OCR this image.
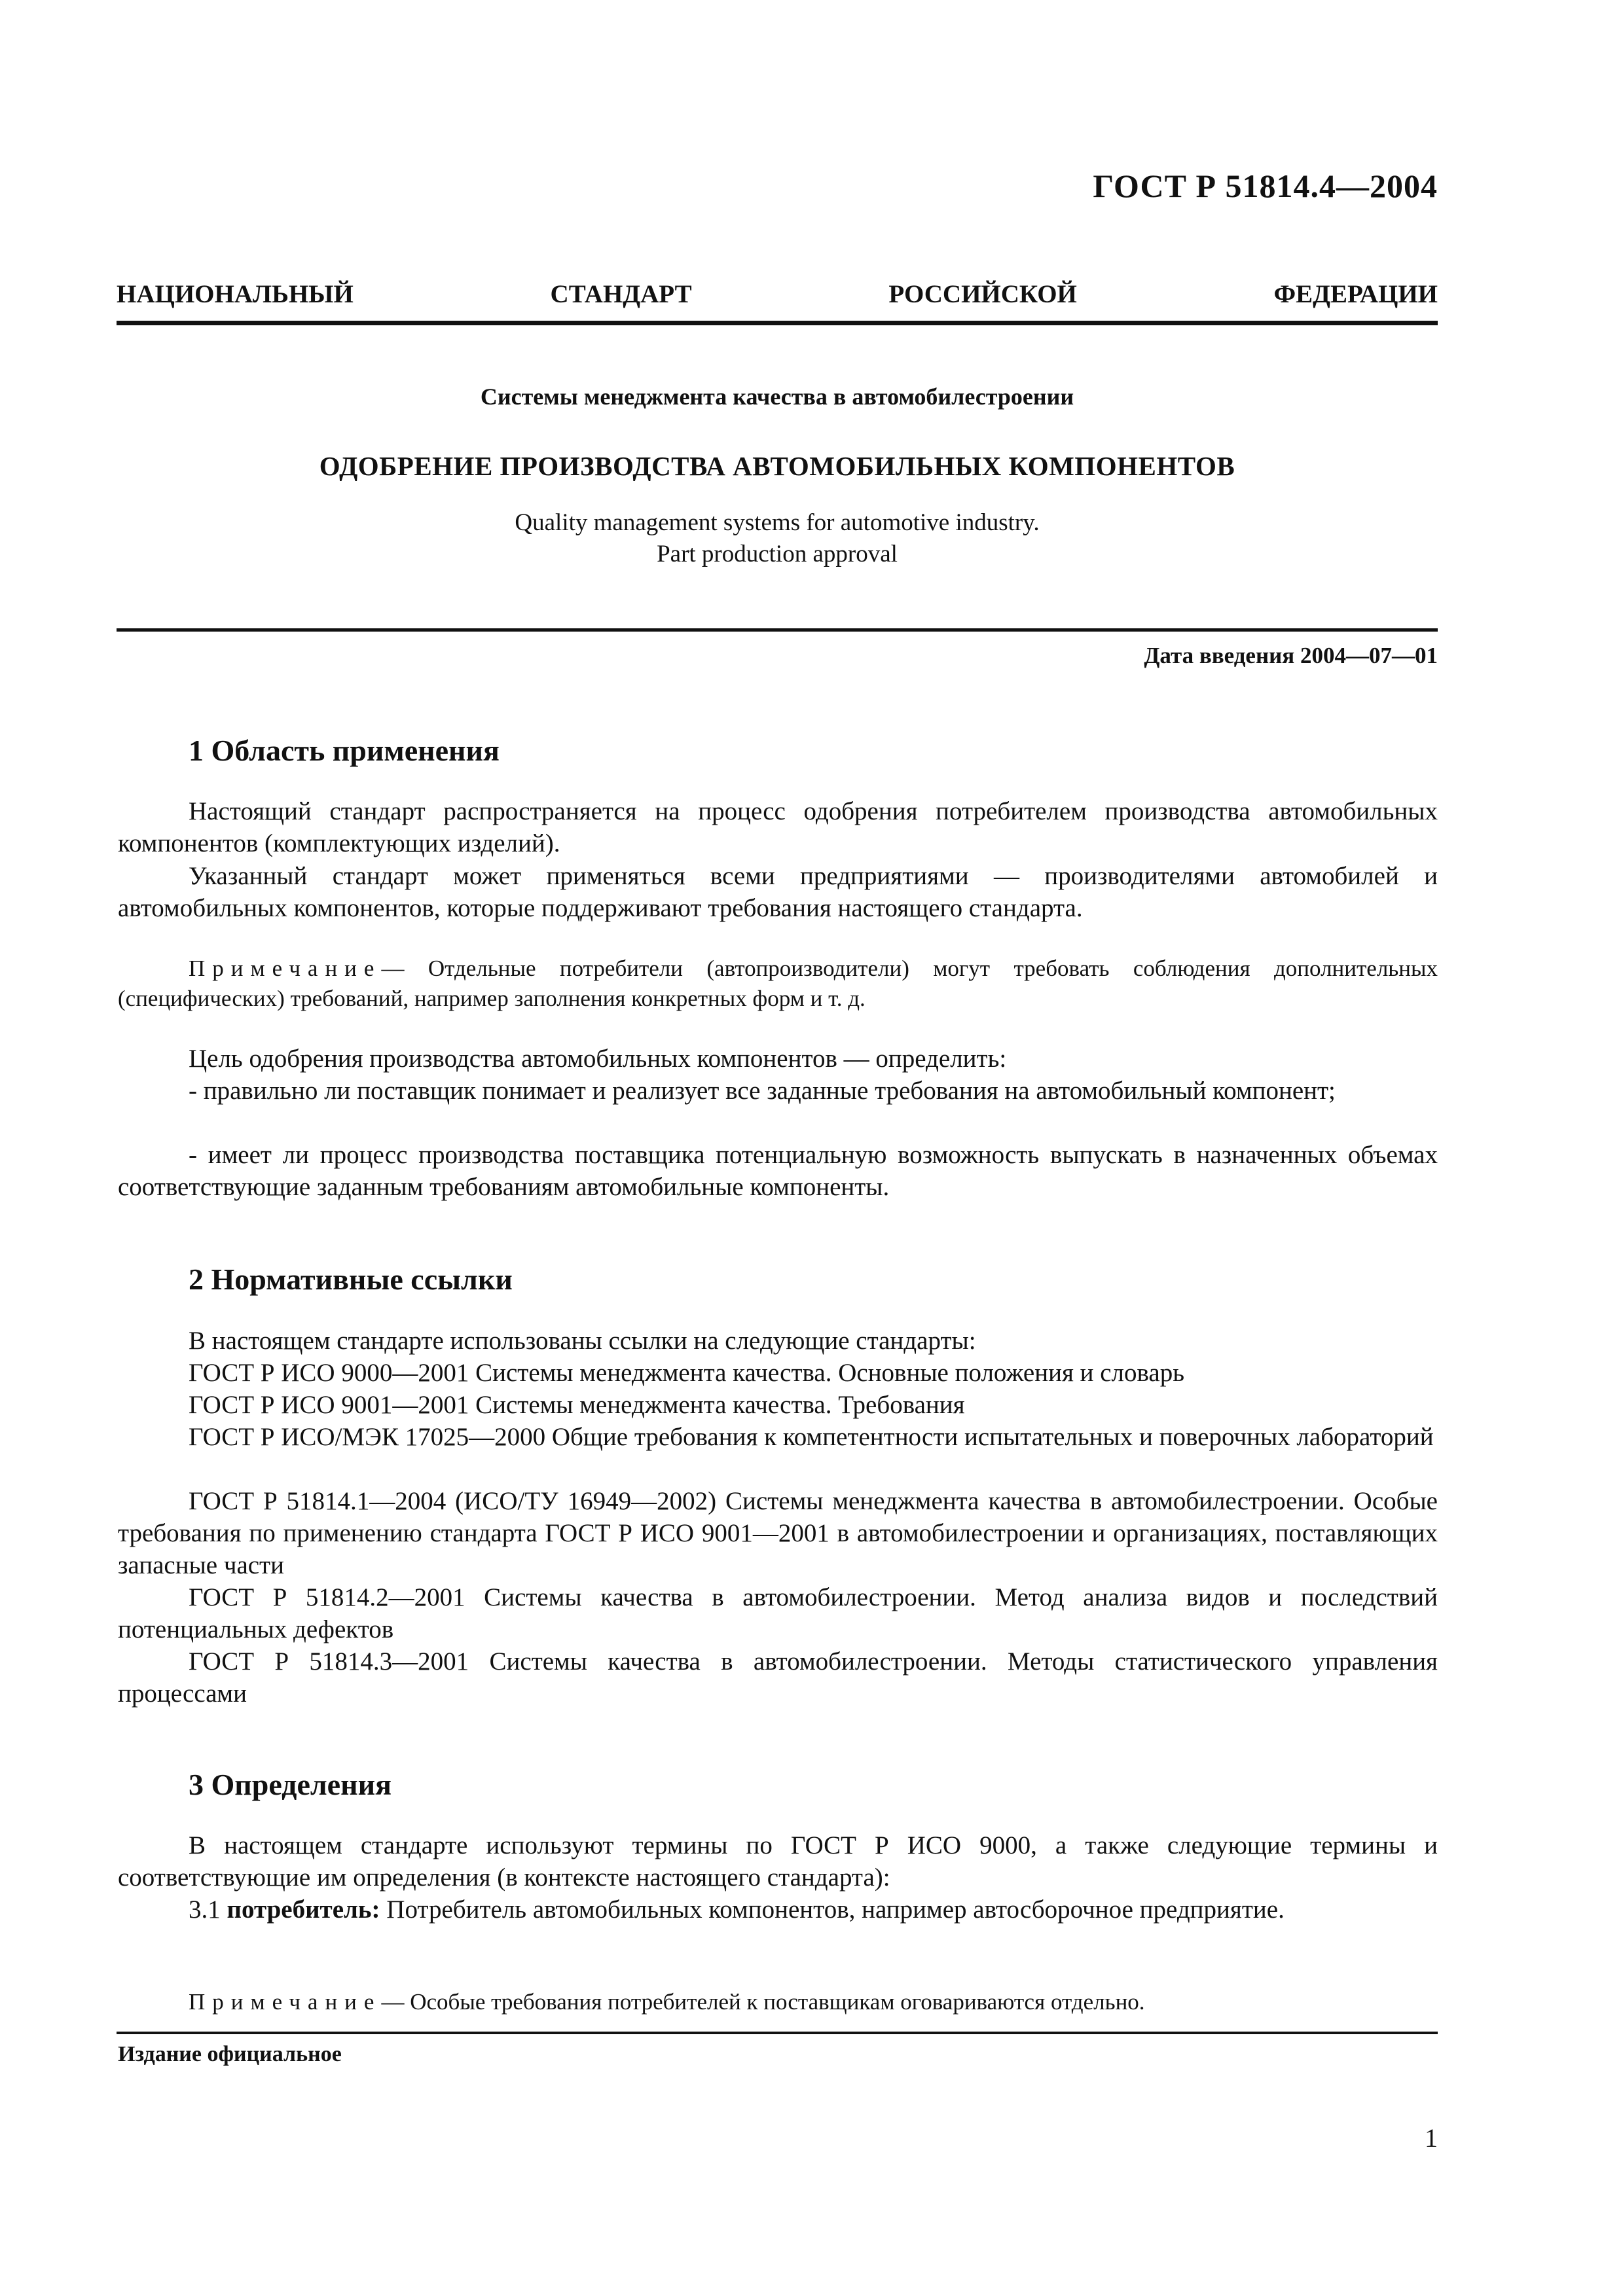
ГОСТ Р 51814.4—2004
НАЦИОНАЛЬНЫЙ СТАНДАРТ РОССИЙСКОЙ ФЕДЕРАЦИИ
Системы менеджмента качества в автомобилестроении
ОДОБРЕНИЕ ПРОИЗВОДСТВА АВТОМОБИЛЬНЫХ КОМПОНЕНТОВ
Quality management systems for automotive industry.
Part production approval
Дата введения 2004—07—01
1 Область применения

Настоящий стандарт распространяется на процесс одобрения потребителем производства автомобильных компонентов (комплектующих изделий).

Указанный стандарт может применяться всеми предприятиями — производителями автомобилей и автомобильных компонентов, которые поддерживают требования настоящего стандарта.

Примечание— Отдельные потребители (автопроизводители) могут требовать соблюдения дополнительных (специфических) требований, например заполнения конкретных форм и т. д.

Цель одобрения производства автомобильных компонентов — определить:

- правильно ли поставщик понимает и реализует все заданные требования на автомобильный компонент;

- имеет ли процесс производства поставщика потенциальную возможность выпускать в назначенных объемах соответствующие заданным требованиям автомобильные компоненты.

2 Нормативные ссылки

В настоящем стандарте использованы ссылки на следующие стандарты:

ГОСТ Р ИСО 9000—2001 Системы менеджмента качества. Основные положения и словарь

ГОСТ Р ИСО 9001—2001 Системы менеджмента качества. Требования

ГОСТ Р ИСО/МЭК 17025—2000 Общие требования к компетентности испытательных и поверочных лабораторий

ГОСТ Р 51814.1—2004 (ИСО/ТУ 16949—2002) Системы менеджмента качества в автомобилестроении. Особые требования по применению стандарта ГОСТ Р ИСО 9001—2001 в автомобилестроении и организациях, поставляющих запасные части

ГОСТ Р 51814.2—2001 Системы качества в автомобилестроении. Метод анализа видов и последствий потенциальных дефектов

ГОСТ Р 51814.3—2001 Системы качества в автомобилестроении. Методы статистического управления процессами

3 Определения

В настоящем стандарте используют термины по ГОСТ Р ИСО 9000, а также следующие термины и соответствующие им определения (в контексте настоящего стандарта):

3.1 потребитель: Потребитель автомобильных компонентов, например автосборочное предприятие.

Примечание— Особые требования потребителей к поставщикам оговариваются отдельно.

Издание официальное
1
